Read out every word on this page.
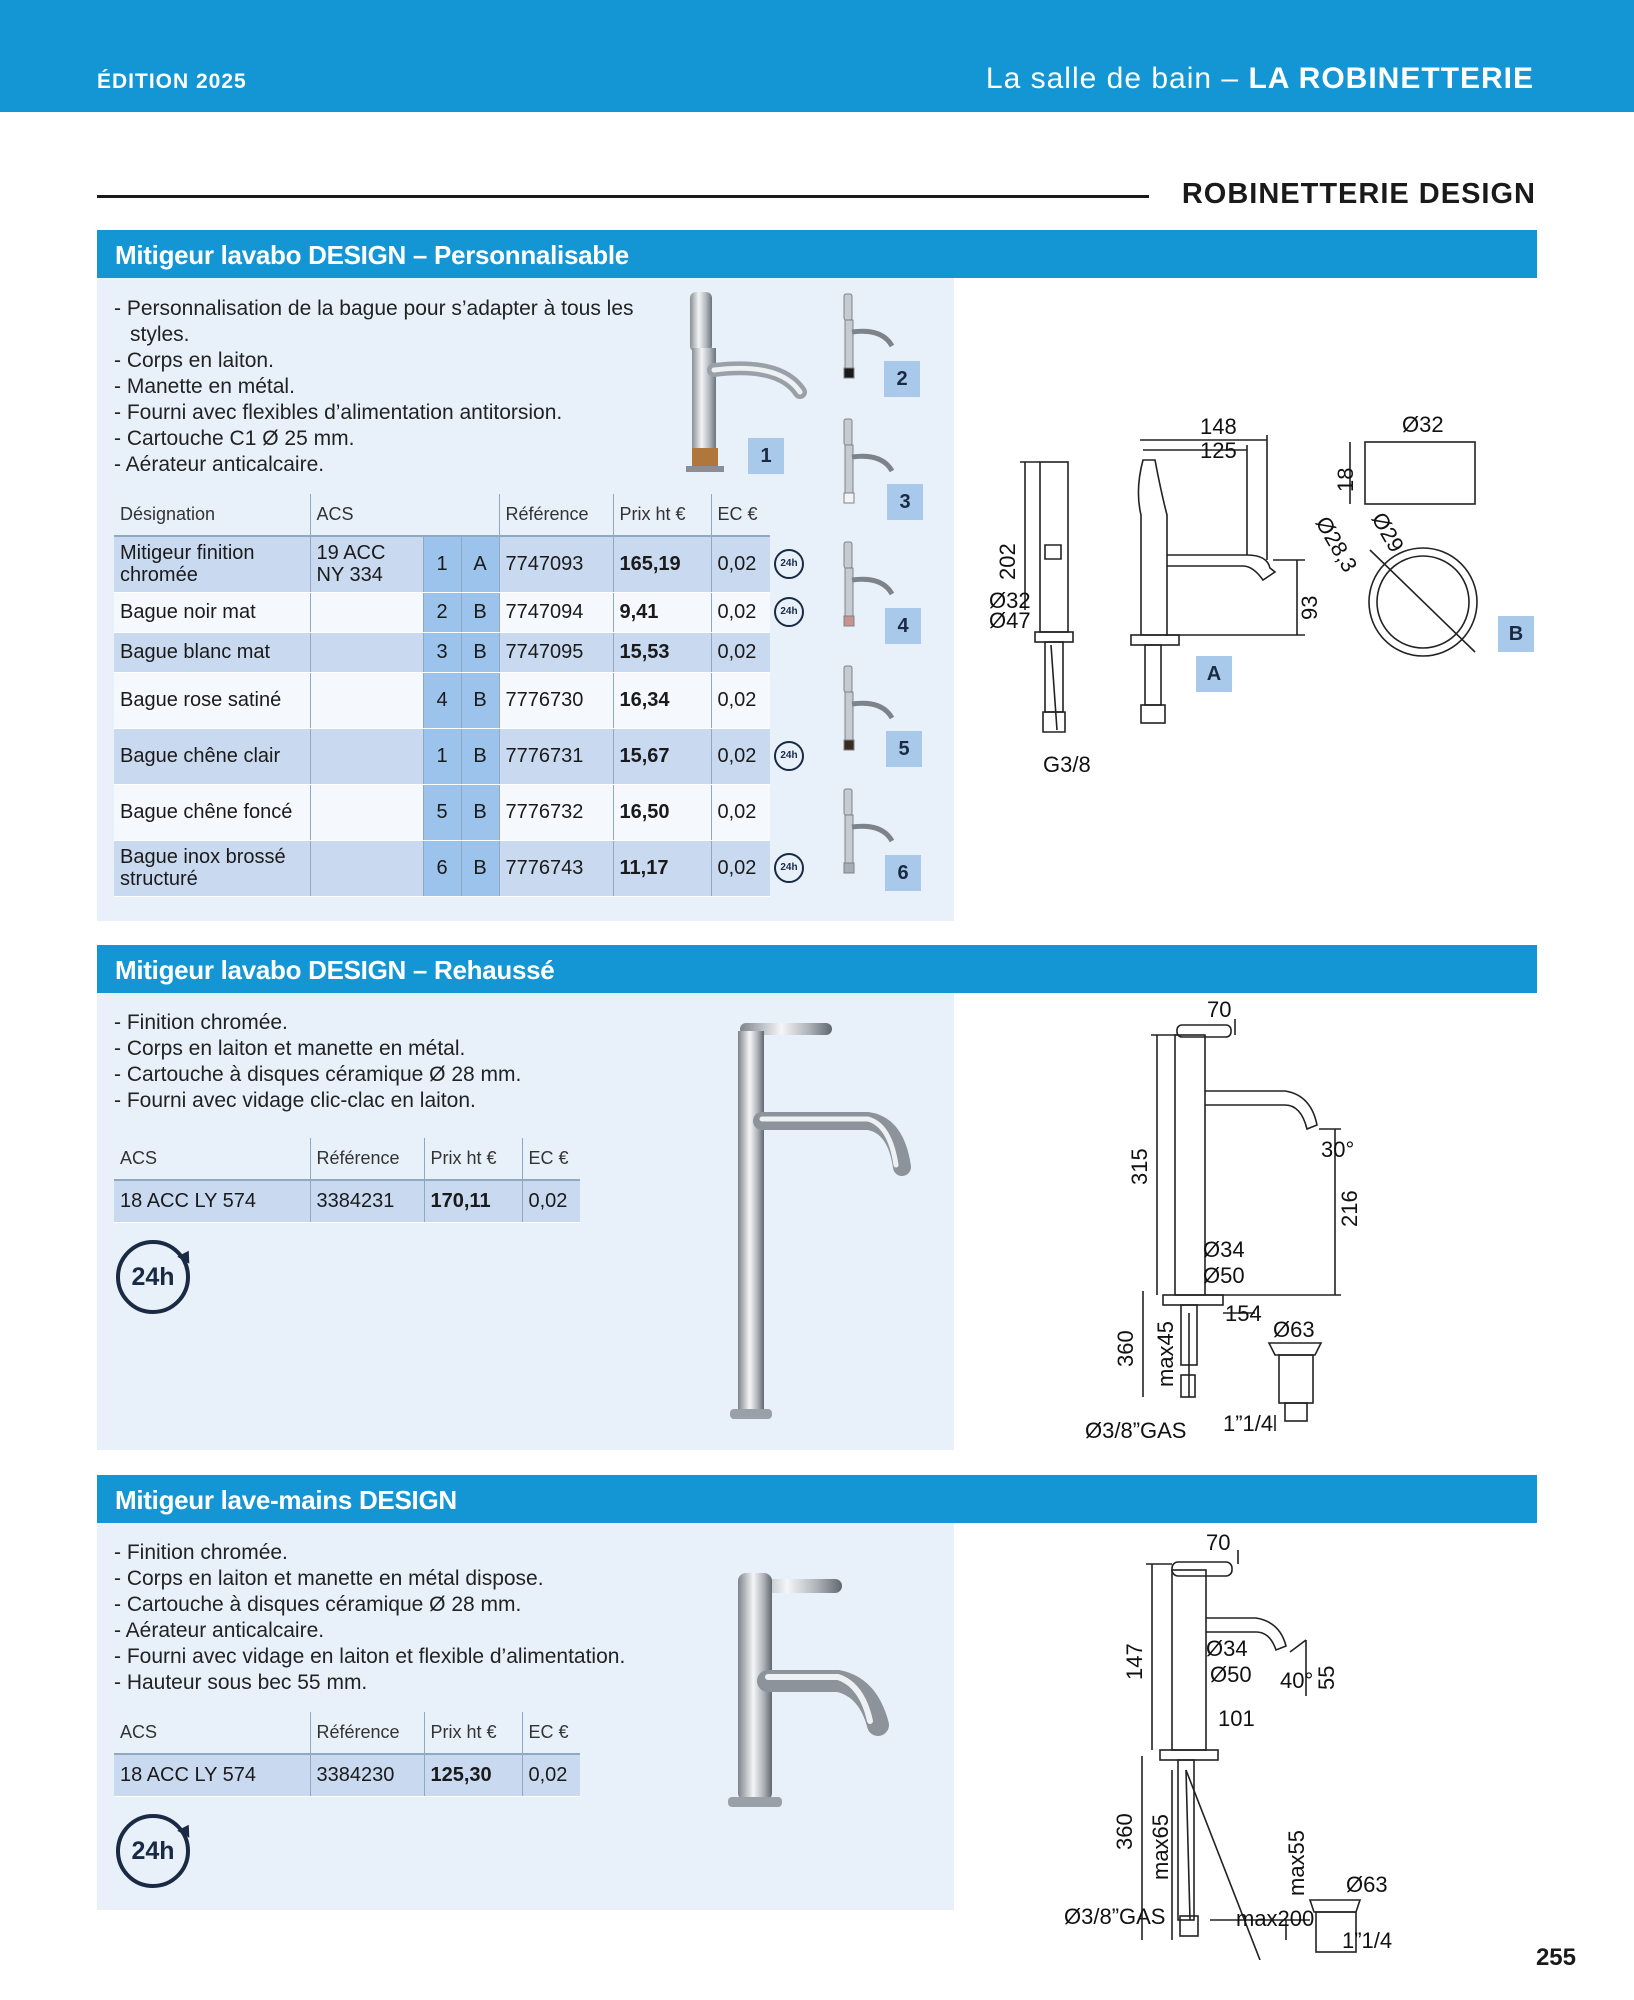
ÉDITION 2025	La salle de bain – LA ROBINETTERIE
ROBINETTERIE DESIGN
Mitigeur lavabo DESIGN – Personnalisable
- Personnalisation de la bague pour s’adapter à tous les styles.
- Corps en laiton.
- Manette en métal.
- Fourni avec flexibles d’alimentation antitorsion.
- Cartouche C1 Ø 25 mm.
- Aérateur anticalcaire.	1
2
3
4
5
6
Désignation	ACS			Référence	Prix ht €	EC €
Mitigeur finition chromée	19 ACC NY 334	1	A	7747093	165,19	0,02
Bague noir mat		2	B	7747094	9,41	0,02
Bague blanc mat		3	B	7747095	15,53	0,02
Bague rose satiné		4	B	7776730	16,34	0,02
Bague chêne clair		1	B	7776731	15,67	0,02
Bague chêne foncé		5	B	7776732	16,50	0,02
Bague inox brossé structuré		6	B	7776743	11,17	0,02
24h
24h
24h
24h
148
125
202
93
Ø32
Ø47
G3/8
Ø32
18
Ø28,3 Ø29
A
B
Mitigeur lavabo DESIGN – Rehaussé
- Finition chromée.
- Corps en laiton et manette en métal.
- Cartouche à disques céramique Ø 28 mm.
- Fourni avec vidage clic-clac en laiton.
ACS	Référence	Prix ht €	EC €
18 ACC LY 574	3384231	170,11	0,02
24h
70
315	30°
216
Ø34
Ø50
154
Ø63
360 max45
Ø3/8”GAS 1”1/4
Mitigeur lave-mains DESIGN
- Finition chromée.
- Corps en laiton et manette en métal dispose.
- Cartouche à disques céramique Ø 28 mm.
- Aérateur anticalcaire.
- Fourni avec vidage en laiton et flexible d’alimentation.
- Hauteur sous bec 55 mm.
ACS	Référence	Prix ht €	EC €
18 ACC LY 574	3384230	125,30	0,02
24h
70
147	Ø34
Ø50 40° 55
101
360 max65	max55 Ø63
max200
Ø3/8”GAS
1”1/4
255
